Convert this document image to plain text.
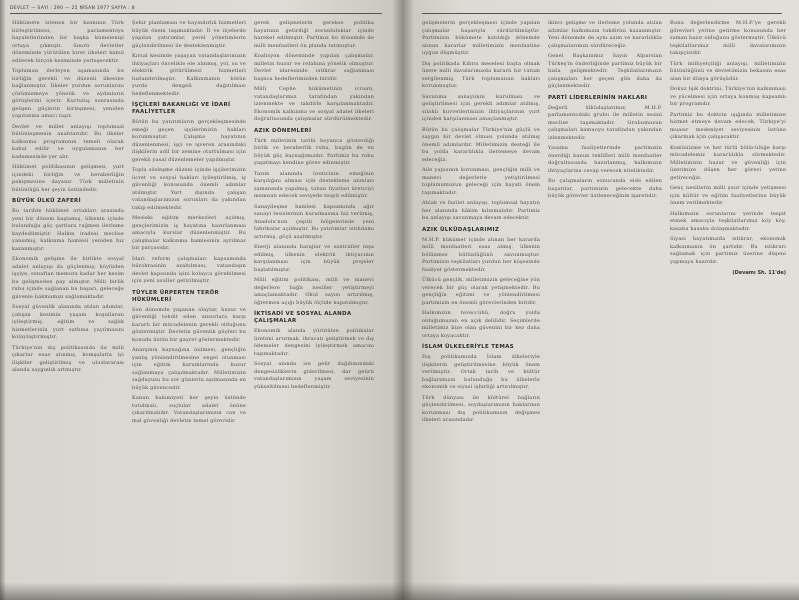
DEVLET — SAYI : 290 — 25 NİSAN 1977 SAYFA : 8

Hükümete istenen bir kısmının Türk birleştirilmesi, parlamentoya hayaletlerinden bir başka kümelenişi ortaya çıkmıştı. Sınırlı devletler döneminde yürütülen birer ilkeleri kabul edilerek birçok kesiminde yerleşecektir.

Toplumun ilerleyen aşamasında bu birliğin gerekli ve düzenli ilkesine bağlanmıştır. İlkeler yurdun sorunlarını çözümlemeye yönelik ve aydınların görüşlerini içerir. Kurtuluş sonrasında gelişen güçlerin birleşmesi, yeniden yapılanma amacı taşır.

Devlet ve millet anlayışı toplumsal bütünleşmenin anahtarıdır. Bu ilkeler kalkınma programının temeli olarak kabul edilir ve uygulamanın her kademesinde yer alır.

Hükümet politikasının gelişmesi, yurt içindeki birliğin ve beraberliğin pekişmesine dayanır. Türk milletinin bütünlüğü her şeyin üstündedir.

BÜYÜK ÜLKÜ ZAFERİ

Bu tarihte hükümet ortakları arasında yeni bir dönem başlamış, ülkenin içinde bulunduğu güç şartlara rağmen ilerleme kaydedilmiştir. Halkın iradesi meclise yansımış, kalkınma hamlesi yeniden hız kazanmıştır.

Ekonomik gelişme ile birlikte sosyal adalet anlayışı da güçlenmiş; köylüden işçiye, esnaftan memura kadar her kesim bu gelişmeden pay almıştır. Milli birlik ruhu içinde sağlanan bu başarı, geleceğe güvenle bakmamızı sağlamaktadır.

Sosyal güvenlik alanında atılan adımlar, çalışan kesimin yaşam koşullarını iyileştirmiş, eğitim ve sağlık hizmetlerinin yurt sathına yayılmasını kolaylaştırmıştır.

Türkiye'nin dış politikasında da milli çıkarlar esas alınmış, komşularla iyi ilişkiler geliştirilmiş ve uluslararası alanda saygınlık artmıştır.

Şehir planlaması ve bayındırlık hizmetleri büyük önem taşımaktadır. İl ve ilçelerde yapılan yatırımlar, yerel yönetimlerin güçlendirilmesi ile desteklenmiştir.

Kırsal kesimde yaşayan vatandaşlarımızın ihtiyaçları öncelikle ele alınmış, yol, su ve elektrik götürülmesi hizmetleri hızlandırılmıştır. Kalkınmanın bütün yurda dengeli dağıtılması hedeflenmektedir.

İŞÇİLERİ BAKANLIĞI VE İDARİ FAALİYETLER

Bütün bu yatırımların gerçekleşmesinde emeği geçen işçilerimizin hakları korunmuştur. Çalışma hayatının düzenlenmesi, işçi ve işveren arasındaki ilişkilerin adil bir zemine oturtulması için gerekli yasal düzenlemeler yapılmıştır.

Toplu sözleşme düzeni içinde işçilerimizin ücret ve sosyal hakları iyileştirilmiş, iş güvenliği konusunda önemli adımlar atılmıştır. Yurt dışında çalışan vatandaşlarımızın sorunları da yakından takip edilmektedir.

Mesleki eğitim merkezleri açılmış, gençlerimizin iş hayatına hazırlanması amacıyla kurslar düzenlenmiştir. Bu çalışmalar kalkınma hamlesinin ayrılmaz bir parçasıdır.

İdari reform çalışmaları kapsamında bürokrasinin azaltılması, vatandaşın devlet kapısında işini kolayca görebilmesi için yeni usuller getirilmiştir.

TÜYLER ÜRPERTEN TERÖR HÜKÜMLERİ

Son dönemde yaşanan olaylar, huzur ve güvenliği tehdit eden unsurlara karşı kararlı bir mücadelenin gerekli olduğunu göstermiştir. Devletin güvenlik güçleri bu konuda üstün bir gayret göstermektedir.

Anarşinin kaynağına inilmesi, gençliğin yanlış yönlendirilmesine engel olunması için eğitim kurumlarında huzur sağlanmaya çalışılmaktadır. Milletimizin sağduyusu bu zor günlerin aşılmasında en büyük güvencedir.

Kanun hakimiyeti her şeyin üstünde tutulmalı, suçlular adalet önüne çıkarılmalıdır. Vatandaşlarımızın can ve mal güvenliği devletin temel görevidir.

gerek gelişmelerin gerekse politika hayatının getirdiği zorunluluklar içinde hareket edilmiştir. Partimiz bu dönemde de milli menfaatleri ön planda tutmuştur.

Koalisyon döneminde yapılan çalışmalar, milletin huzur ve refahına yönelik olmuştur. Devlet idaresinde istikrar sağlanması başlıca hedeflerimizden biridir.

Milli Cephe hükümetinin icraatı, vatandaşlarımız tarafından yakından izlenmekte ve takdirle karşılanmaktadır. Ekonomik kalkınma ve sosyal adalet ilkeleri doğrultusunda çalışmalar sürdürülmektedir.

AZIK DÖNEMLERİ

Türk milletinin tarihi boyunca gösterdiği birlik ve beraberlik ruhu, bugün de en büyük güç kaynağımızdır. Partimiz bu ruhu yaşatmayı kendine görev edinmiştir.

Tarım alanında üreticinin emeğinin karşılığını alması için destekleme alımları zamanında yapılmış, taban fiyatları üreticiyi memnun edecek seviyede tespit edilmiştir.

Sanayileşme hamlesi kapsamında ağır sanayi tesislerinin kurulmasına hız verilmiş, Anadolu'nun çeşitli bölgelerinde yeni fabrikalar açılmıştır. Bu yatırımlar istihdamı artırmış, göçü azaltmıştır.

Enerji alanında barajlar ve santraller inşa edilmiş, ülkenin elektrik ihtiyacının karşılanması için büyük projeler başlatılmıştır.

Milli eğitim politikası, milli ve manevi değerlere bağlı nesiller yetiştirmeyi amaçlamaktadır. Okul sayısı artırılmış, öğretmen açığı büyük ölçüde kapatılmıştır.

İKTİSADİ VE SOSYAL ALANDA ÇALIŞMALAR

Ekonomik alanda yürütülen politikalar üretimi artırmak, ihracatı geliştirmek ve dış ödemeler dengesini iyileştirmek amacını taşımaktadır.

Sosyal alanda ise gelir dağılımındaki dengesizliklerin giderilmesi, dar gelirli vatandaşlarımızın yaşam seviyesinin yükseltilmesi hedeflenmiştir.

gelişmelerin gerçekleşmesi içinde yapılan çalışmalar başarıyla sürdürülmüştür. Partimizin hükümete katıldığı dönemde alınan kararlar milletimizin menfaatine uygun düşmüştür.

Dış politikada Kıbrıs meselesi başta olmak üzere milli davalarımızda kararlı bir tutum sergilenmiş, Türk toplumunun hakları korunmuştur.

Savunma sanayiinin kurulması ve geliştirilmesi için gerekli adımlar atılmış, silahlı kuvvetlerimizin ihtiyaçlarının yurt içinden karşılanması amaçlanmıştır.

Bütün bu çalışmalar Türkiye'nin güçlü ve saygın bir devlet olması yolunda atılmış önemli adımlardır. Milletimizin desteği ile bu yolda kararlılıkla ilerlemeye devam edeceğiz.

Aile yapısının korunması, gençliğin milli ve manevi değerlerle yetiştirilmesi toplumumuzun geleceği için hayati önem taşımaktadır.

Ahlak ve fazilet anlayışı, toplumsal hayatın her alanında hâkim kılınmalıdır. Partimiz bu anlayışı savunmaya devam edecektir.

AZIK ÜLKÜDAŞLARIMIZ

M.H.P. hükümet içinde alınan her kararda milli menfaatleri esas almış, ülkenin bölünmez bütünlüğünü savunmuştur. Partimizin teşkilatları yurdun her köşesinde faaliyet göstermektedir.

Ülkücü gençlik, milletimizin geleceğine yön verecek bir güç olarak yetişmektedir. Bu gençliğin eğitimi ve yönlendirilmesi partimizin en önemli görevlerinden biridir.

Halkımızın teveccühü, doğru yolda olduğumuzun en açık delilidir. Seçimlerde milletimiz bize olan güvenini bir kez daha ortaya koyacaktır.

İSLAM ÜLKELERİYLE TEMAS

Dış politikamızda İslam ülkeleriyle ilişkilerin geliştirilmesine büyük önem verilmiştir. Ortak tarih ve kültür bağlarımızın bulunduğu bu ülkelerle ekonomik ve siyasi işbirliği artırılmıştır.

Türk dünyası ile kültürel bağların güçlendirilmesi, soydaşlarımızın haklarının korunması dış politikamızın değişmez ilkeleri arasındadır.

ikinci gelişme ve ilerleme yolunda atılan adımlar halkımızın takdirini kazanmıştır. Yeni dönemde de aynı azim ve kararlılıkla çalışmalarımızı sürdüreceğiz.

Genel Başkanımız Sayın Alparslan Türkeş'in önderliğinde partimiz büyük bir hızla gelişmektedir. Teşkilatlarımızın çalışmaları her geçen gün daha da güçlenmektedir.

PARTİ LİDERLERİNİN HAKLARI

Değerli ülküdaşlarımız, M.H.P. parlamentodaki grubu ile milletin sesini meclise taşımaktadır. Grubumuzun çalışmaları kamuoyu tarafından yakından izlenmektedir.

Yasama faaliyetlerinde partimizin önerdiği kanun teklifleri milli menfaatler doğrultusunda hazırlanmış, halkımızın ihtiyaçlarına cevap verecek niteliktedir.

Bu çalışmaların sonucunda elde edilen başarılar, partimizin gelecekte daha büyük görevler üstleneceğinin işaretidir.

Bunu değerlendirme M.H.P.'ye gerekli görevleri yerine getirme konusunda her zaman hazır olduğunu göstermiştir. Ülkücü teşkilatlarımız milli davalarımızın takipçisidir.

Türk milliyetçiliği anlayışı, milletimizin bütünlüğünü ve devletimizin bekasını esas alan bir dünya görüşüdür.

Dokuz Işık doktrini, Türkiye'nin kalkınması ve yücelmesi için ortaya konmuş kapsamlı bir programdır.

Partimiz bu doktrin ışığında milletimize hizmet etmeye devam edecek, Türkiye'yi muasır medeniyet seviyesinin üstüne çıkarmak için çalışacaktır.

Komünizme ve her türlü bölücülüğe karşı mücadelemiz kararlılıkla sürmektedir. Milletimizin huzur ve güvenliği için üzerimize düşen her görevi yerine getireceğiz.

Genç nesillerin milli şuur içinde yetişmesi için kültür ve eğitim faaliyetlerine büyük önem verilmektedir.

Halkımızın sorunlarını yerinde tespit etmek amacıyla teşkilatlarımız köy köy, kasaba kasaba dolaşmaktadır.

Siyasi hayatımızda istikrar, ekonomik kalkınmanın ön şartıdır. Bu istikrarı sağlamak için partimiz üzerine düşeni yapmaya hazırdır.

(Devamı Sh. 11'de)
